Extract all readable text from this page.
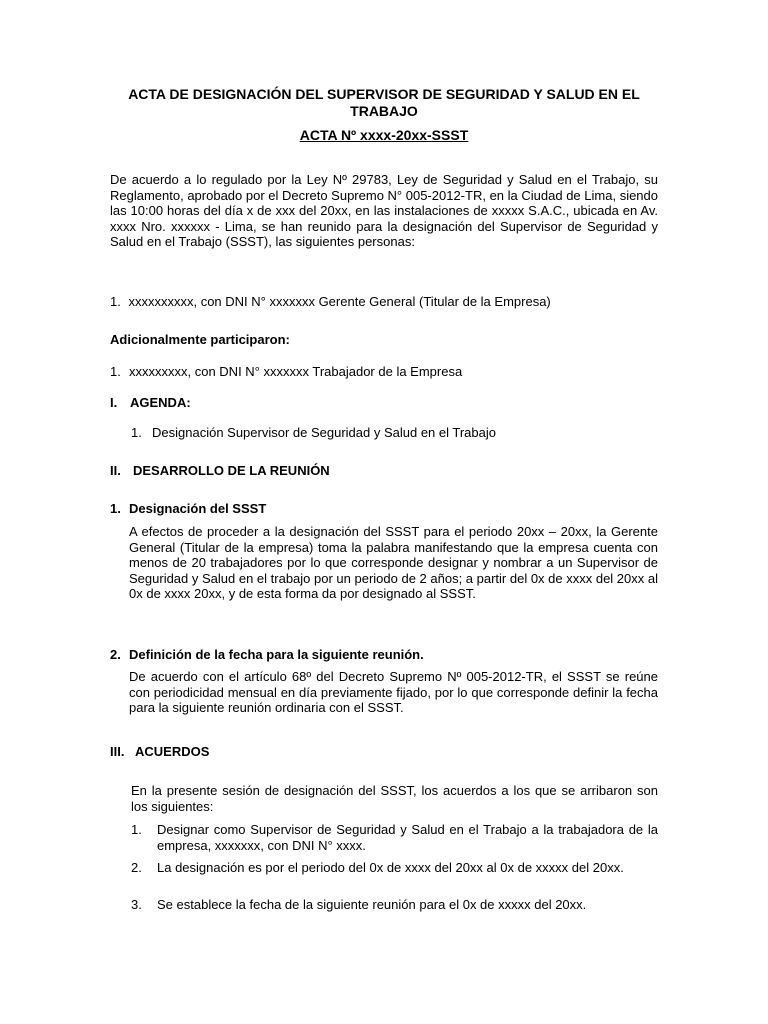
ACTA DE DESIGNACIÓN DEL SUPERVISOR DE SEGURIDAD Y SALUD EN EL TRABAJO
ACTA Nº xxxx-20xx-SSST
De acuerdo a lo regulado por la Ley Nº 29783, Ley de Seguridad y Salud en el Trabajo, su Reglamento, aprobado por el Decreto Supremo N° 005-2012-TR, en la Ciudad de Lima, siendo las 10:00 horas del día x de xxx del 20xx, en las instalaciones de xxxxx S.A.C., ubicada en Av. xxxx Nro. xxxxxx - Lima, se han reunido para la designación del Supervisor de Seguridad y Salud en el Trabajo (SSST), las siguientes personas:
1. xxxxxxxxxx, con DNI N° xxxxxxx Gerente General (Titular de la Empresa)
Adicionalmente participaron:
1. xxxxxxxxx, con DNI N° xxxxxxx Trabajador de la Empresa
I. AGENDA:
1. Designación Supervisor de Seguridad y Salud en el Trabajo
II. DESARROLLO DE LA REUNIÓN
1. Designación del SSST
A efectos de proceder a la designación del SSST para el periodo 20xx – 20xx, la Gerente General (Titular de la empresa) toma la palabra manifestando que la empresa cuenta con menos de 20 trabajadores por lo que corresponde designar y nombrar a un Supervisor de Seguridad y Salud en el trabajo por un periodo de 2 años; a partir del 0x de xxxx del 20xx al 0x de xxxx 20xx, y de esta forma da por designado al SSST.
2. Definición de la fecha para la siguiente reunión.
De acuerdo con el artículo 68º del Decreto Supremo Nº 005-2012-TR, el SSST se reúne con periodicidad mensual en día previamente fijado, por lo que corresponde definir la fecha para la siguiente reunión ordinaria con el SSST.
III. ACUERDOS
En la presente sesión de designación del SSST, los acuerdos a los que se arribaron son los siguientes:
1. Designar como Supervisor de Seguridad y Salud en el Trabajo a la trabajadora de la empresa, xxxxxxx, con DNI N° xxxx.
2. La designación es por el periodo del 0x de xxxx del 20xx al 0x de xxxxx del 20xx.
3. Se establece la fecha de la siguiente reunión para el 0x de xxxxx del 20xx.
